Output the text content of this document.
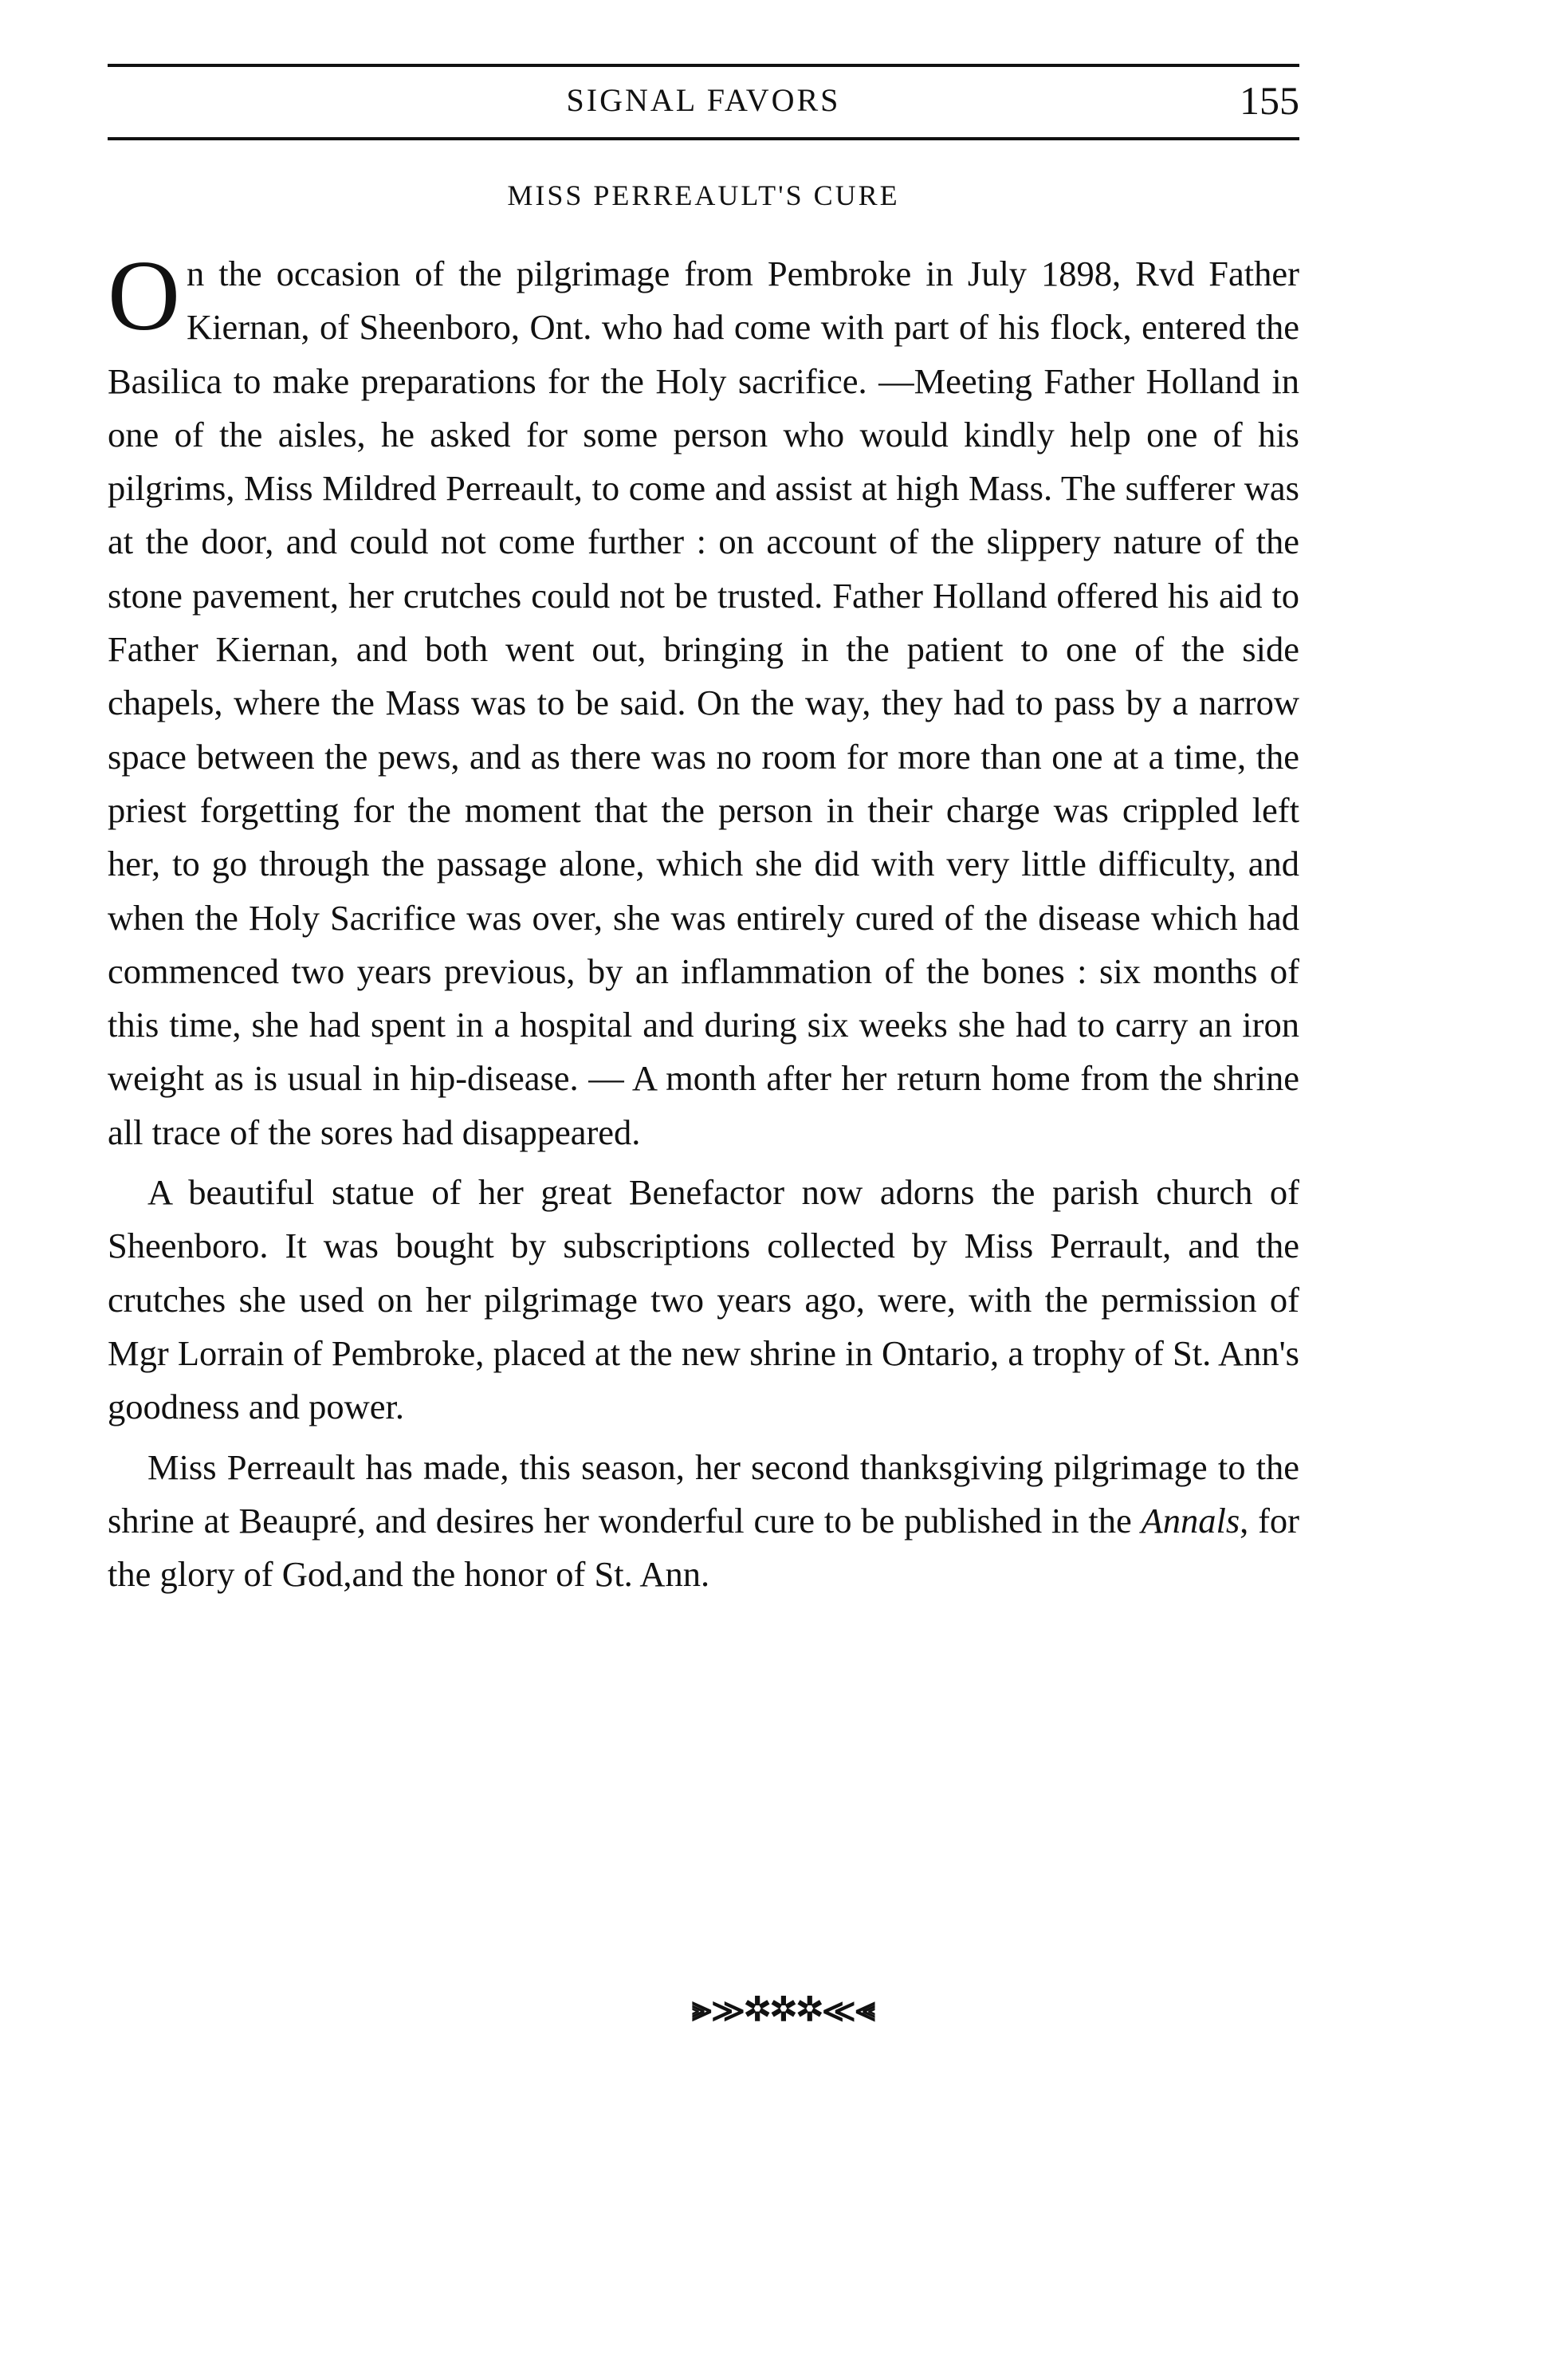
SIGNAL FAVORS	155
MISS PERREAULT'S CURE

On the occasion of the pilgrimage from Pembroke in July 1898, Rvd Father Kiernan, of Sheenboro, Ont. who had come with part of his flock, entered the Basilica to make preparations for the Holy sacrifice. —Meeting Father Holland in one of the aisles, he asked for some person who would kindly help one of his pilgrims, Miss Mildred Perreault, to come and assist at high Mass. The sufferer was at the door, and could not come further : on account of the slippery nature of the stone pavement, her crutches could not be trusted. Father Holland offered his aid to Father Kiernan, and both went out, bringing in the patient to one of the side chapels, where the Mass was to be said. On the way, they had to pass by a narrow space between the pews, and as there was no room for more than one at a time, the priest forgetting for the moment that the person in their charge was crippled left her, to go through the passage alone, which she did with very little difficulty, and when the Holy Sacrifice was over, she was entirely cured of the disease which had commenced two years previous, by an inflammation of the bones : six months of this time, she had spent in a hospital and during six weeks she had to carry an iron weight as is usual in hip-disease. — A month after her return home from the shrine all trace of the sores had disappeared.

A beautiful statue of her great Benefactor now adorns the parish church of Sheenboro. It was bought by subscriptions collected by Miss Perrault, and the crutches she used on her pilgrimage two years ago, were, with the permission of Mgr Lorrain of Pembroke, placed at the new shrine in Ontario, a trophy of St. Ann's goodness and power.

Miss Perreault has made, this season, her second thanksgiving pilgrimage to the shrine at Beaupré, and desires her wonderful cure to be published in the Annals, for the glory of God,and the honor of St. Ann.

⫸≫✲✲✲≪⫷
